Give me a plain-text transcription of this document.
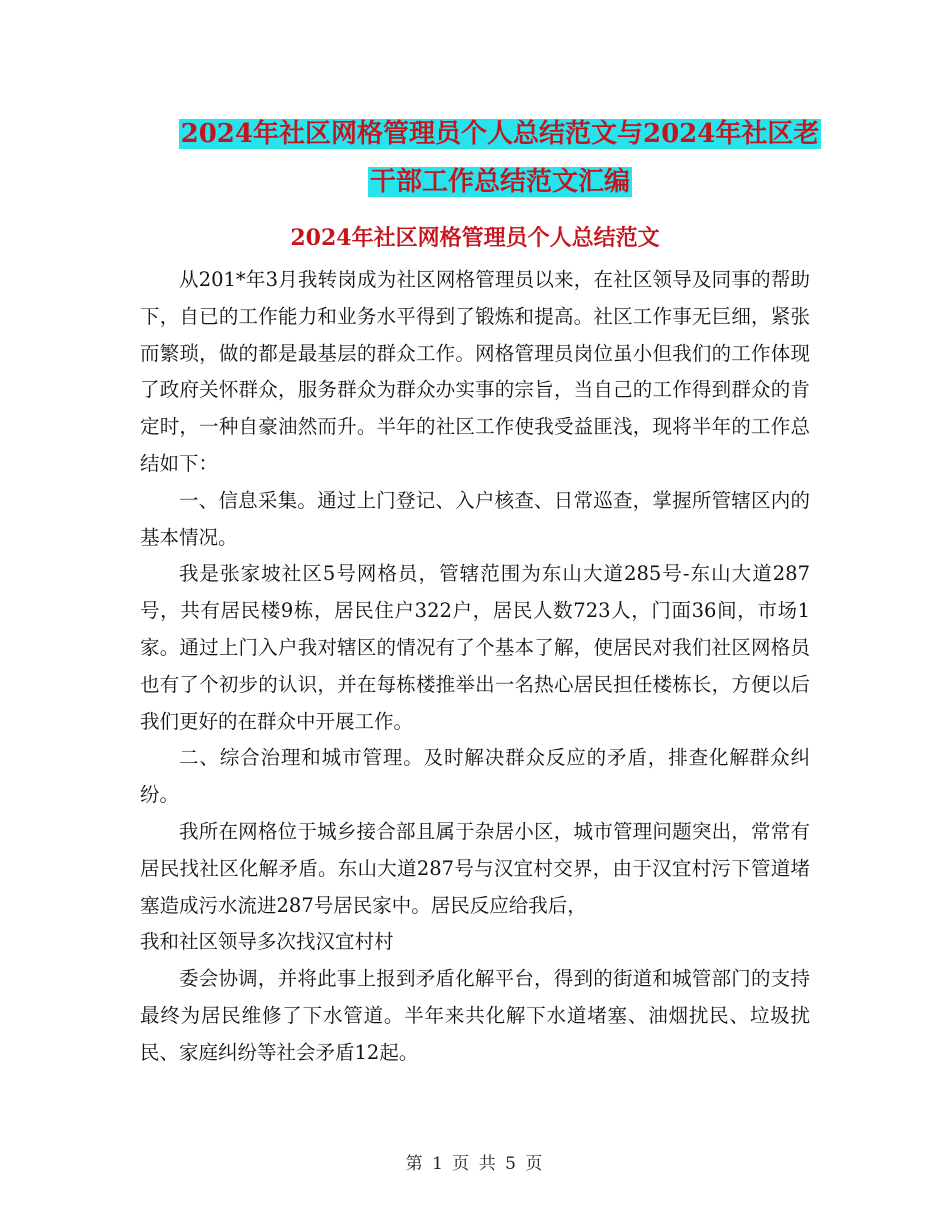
2024年社区网格管理员个人总结范文与2024年社区老
干部工作总结范文汇编
2024年社区网格管理员个人总结范文

从201*年3月我转岗成为社区网格管理员以来，在社区领导及同事的帮助下，自已的工作能力和业务水平得到了锻炼和提高。社区工作事无巨细，紧张而繁琐，做的都是最基层的群众工作。网格管理员岗位虽小但我们的工作体现了政府关怀群众，服务群众为群众办实事的宗旨，当自己的工作得到群众的肯定时，一种自豪油然而升。半年的社区工作使我受益匪浅，现将半年的工作总结如下：

一、信息采集。通过上门登记、入户核查、日常巡查，掌握所管辖区内的基本情况。

我是张家坡社区5号网格员，管辖范围为东山大道285号-东山大道287号，共有居民楼9栋，居民住户322户，居民人数723人，门面36间，市场1家。通过上门入户我对辖区的情况有了个基本了解，使居民对我们社区网格员也有了个初步的认识，并在每栋楼推举出一名热心居民担任楼栋长，方便以后我们更好的在群众中开展工作。

二、综合治理和城市管理。及时解决群众反应的矛盾，排查化解群众纠纷。

我所在网格位于城乡接合部且属于杂居小区，城市管理问题突出，常常有居民找社区化解矛盾。东山大道287号与汉宜村交界，由于汉宜村污下管道堵塞造成污水流进287号居民家中。居民反应给我后，

我和社区领导多次找汉宜村村

委会协调，并将此事上报到矛盾化解平台，得到的街道和城管部门的支持最终为居民维修了下水管道。半年来共化解下水道堵塞、油烟扰民、垃圾扰民、家庭纠纷等社会矛盾12起。

第 1 页 共 5 页
